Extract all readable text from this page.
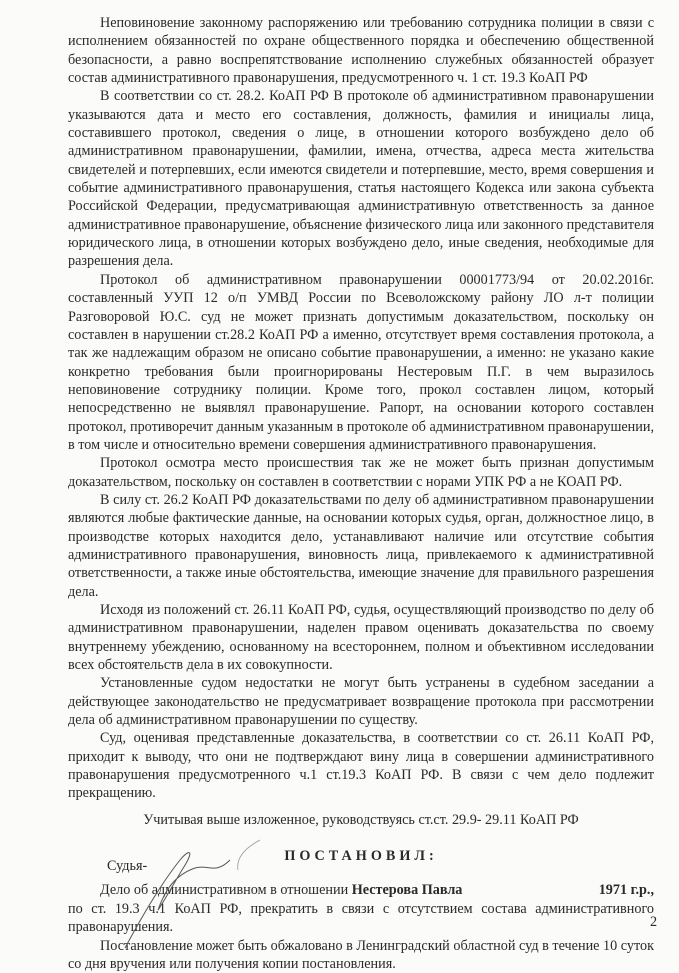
Неповиновение законному распоряжению или требованию сотрудника полиции в связи с исполнением обязанностей по охране общественного порядка и обеспечению общественной безопасности, а равно воспрепятствование исполнению служебных обязанностей образует состав административного правонарушения, предусмотренного ч. 1 ст. 19.3 КоАП РФ

В соответствии со ст. 28.2. КоАП РФ В протоколе об административном правонарушении указываются дата и место его составления, должность, фамилия и инициалы лица, составившего протокол, сведения о лице, в отношении которого возбуждено дело об административном правонарушении, фамилии, имена, отчества, адреса места жительства свидетелей и потерпевших, если имеются свидетели и потерпевшие, место, время совершения и событие административного правонарушения, статья настоящего Кодекса или закона субъекта Российской Федерации, предусматривающая административную ответственность за данное административное правонарушение, объяснение физического лица или законного представителя юридического лица, в отношении которых возбуждено дело, иные сведения, необходимые для разрешения дела.

Протокол об административном правонарушении 00001773/94 от 20.02.2016г. составленный УУП 12 о/п УМВД России по Всеволожскому району ЛО л-т полиции Разговоровой Ю.С. суд не может признать допустимым доказательством, поскольку он составлен в нарушении ст.28.2 КоАП РФ а именно, отсутствует время составления протокола, а так же надлежащим образом не описано событие правонарушении, а именно: не указано какие конкретно требования были проигнорированы Нестеровым П.Г. в чем выразилось неповиновение сотруднику полиции. Кроме того, прокол составлен лицом, который непосредственно не выявлял правонарушение. Рапорт, на основании которого составлен протокол, противоречит данным указанным в протоколе об административном правонарушении, в том числе и относительно времени совершения административного правонарушения.

Протокол осмотра место происшествия так же не может быть признан допустимым доказательством, поскольку он составлен в соответствии с норами УПК РФ а не КОАП РФ.

В силу ст. 26.2 КоАП РФ доказательствами по делу об административном правонарушении являются любые фактические данные, на основании которых судья, орган, должностное лицо, в производстве которых находится дело, устанавливают наличие или отсутствие события административного правонарушения, виновность лица, привлекаемого к административной ответственности, а также иные обстоятельства, имеющие значение для правильного разрешения дела.

Исходя из положений ст. 26.11 КоАП РФ, судья, осуществляющий производство по делу об административном правонарушении, наделен правом оценивать доказательства по своему внутреннему убеждению, основанному на всестороннем, полном и объективном исследовании всех обстоятельств дела в их совокупности.

Установленные судом недостатки не могут быть устранены в судебном заседании а действующее законодательство не предусматривает возвращение протокола при рассмотрении дела об административном правонарушении по существу.

Суд, оценивая представленные доказательства, в соответствии со ст. 26.11 КоАП РФ, приходит к выводу, что они не подтверждают вину лица в совершении административного правонарушения предусмотренного ч.1 ст.19.3 КоАП РФ. В связи с чем дело подлежит прекращению.

Учитывая выше изложенное, руководствуясь ст.ст. 29.9- 29.11 КоАП РФ

ПОСТАНОВИЛ:

Дело об административном в отношении Нестерова Павла	1971 г.р.,

по ст. 19.3 ч.1 КоАП РФ, прекратить в связи с отсутствием состава административного правонарушения.

Постановление может быть обжаловано в Ленинградский областной суд в течение 10 суток со дня вручения или получения копии постановления.

Судья-
2
